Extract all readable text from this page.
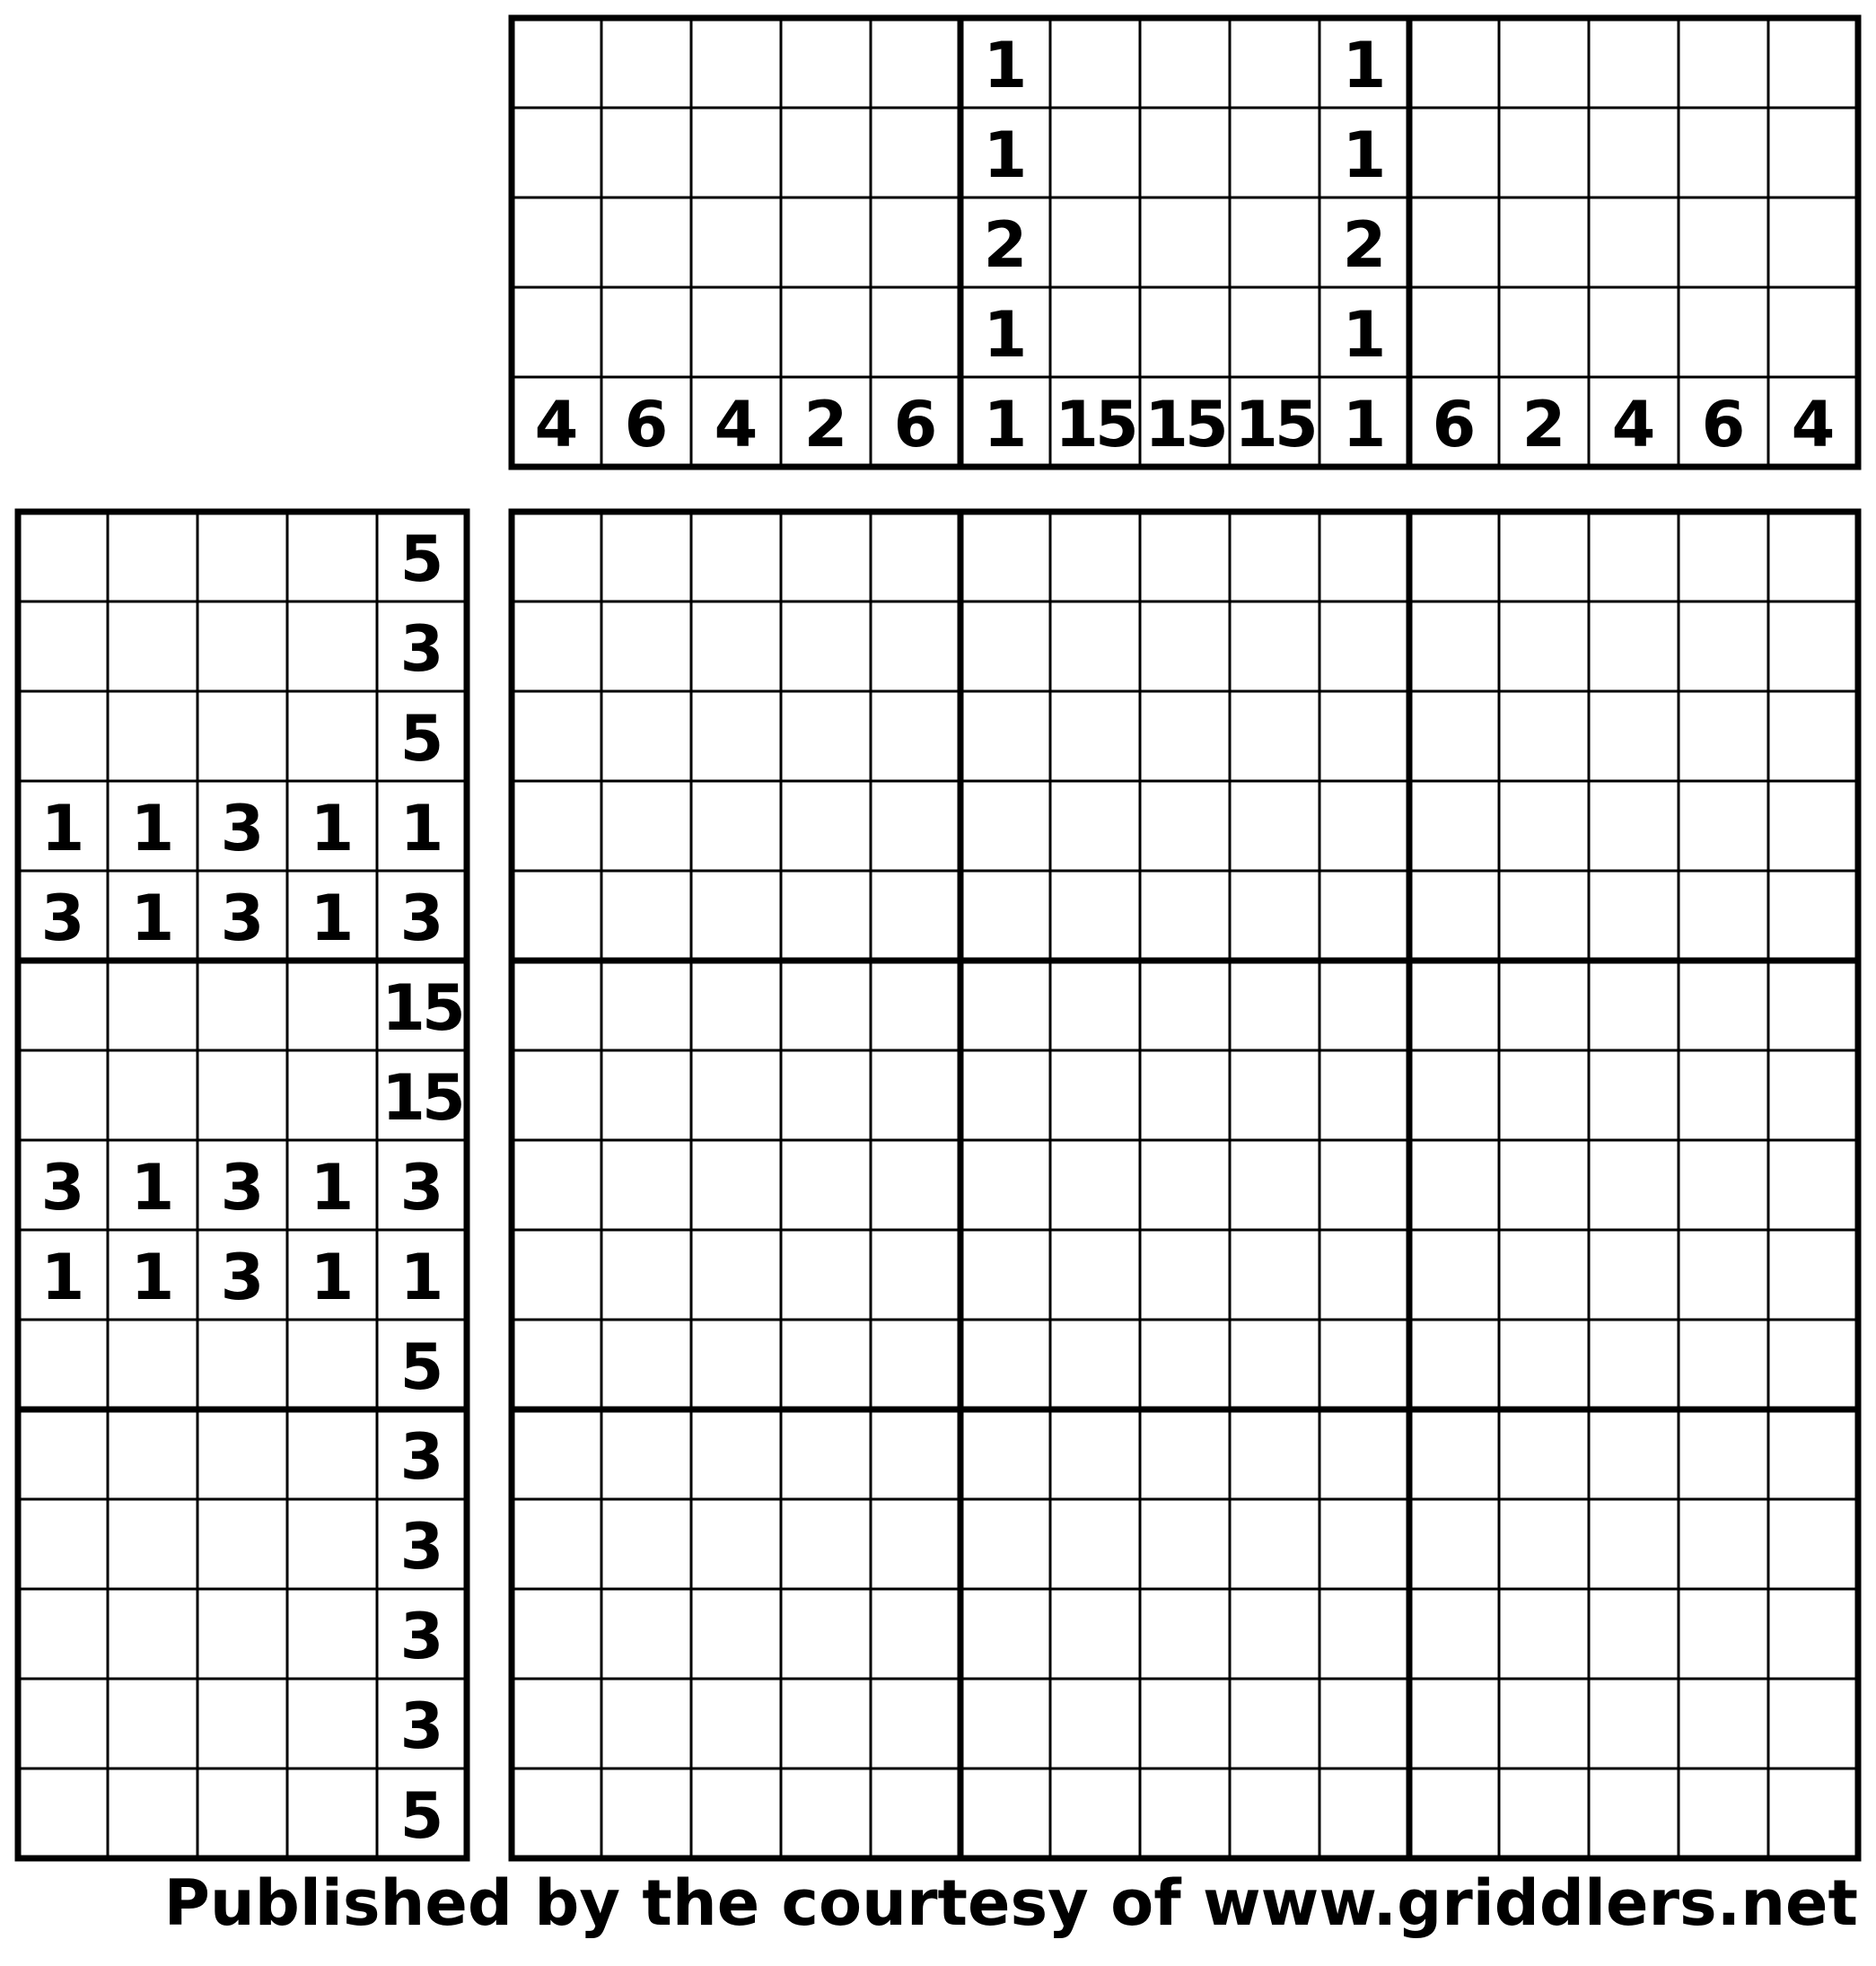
4 6 4 2 6
1
1
2
1
1 15 15 15
1
1
2
1
1 6 2 4 6 4
5
3
5
1 1 3 1 1
3 1 3 1 3
15
15
3 1 3 1 3
1 1 3 1 1
5
3
3
3
3
5
Published by the courtesy of www.griddlers.net
